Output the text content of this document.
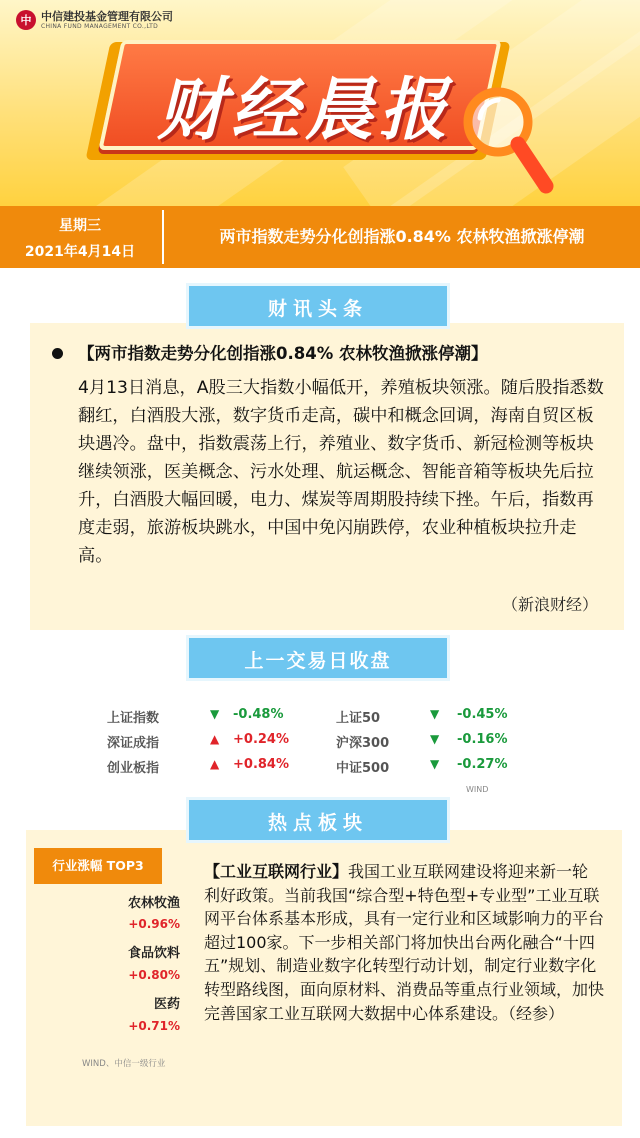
中 中信建投基金管理有限公司
CHINA FUND MANAGEMENT CO.,LTD
财经晨报
星期三
2021年4月14日
两市指数走势分化创指涨0.84% 农林牧渔掀涨停潮
财讯头条
【两市指数走势分化创指涨0.84% 农林牧渔掀涨停潮】
4月13日消息，A股三大指数小幅低开，养殖板块领涨。随后股指悉数翻红，白酒股大涨，数字货币走高，碳中和概念回调，海南自贸区板块遇冷。盘中，指数震荡上行，养殖业、数字货币、新冠检测等板块继续领涨，医美概念、污水处理、航运概念、智能音箱等板块先后拉升，白酒股大幅回暖，电力、煤炭等周期股持续下挫。午后，指数再度走弱，旅游板块跳水，中国中免闪崩跌停，农业种植板块拉升走高。
（新浪财经）
上一交易日收盘
上证指数	▼ -0.48%	上证50	▼ -0.45%
深证成指	▲ +0.24%	沪深300	▼ -0.16%
创业板指	▲ +0.84%	中证500	▼ -0.27%
WIND
热点板块
行业涨幅 TOP3
农林牧渔
+0.96%
食品饮料
+0.80%
医药
+0.71%
WIND、中信一级行业
【工业互联网行业】我国工业互联网建设将迎来新一轮利好政策。当前我国“综合型+特色型+专业型”工业互联网平台体系基本形成，具有一定行业和区域影响力的平台超过100家。下一步相关部门将加快出台两化融合“十四五”规划、制造业数字化转型行动计划，制定行业数字化转型路线图，面向原材料、消费品等重点行业领域，加快完善国家工业互联网大数据中心体系建设。（经参）
